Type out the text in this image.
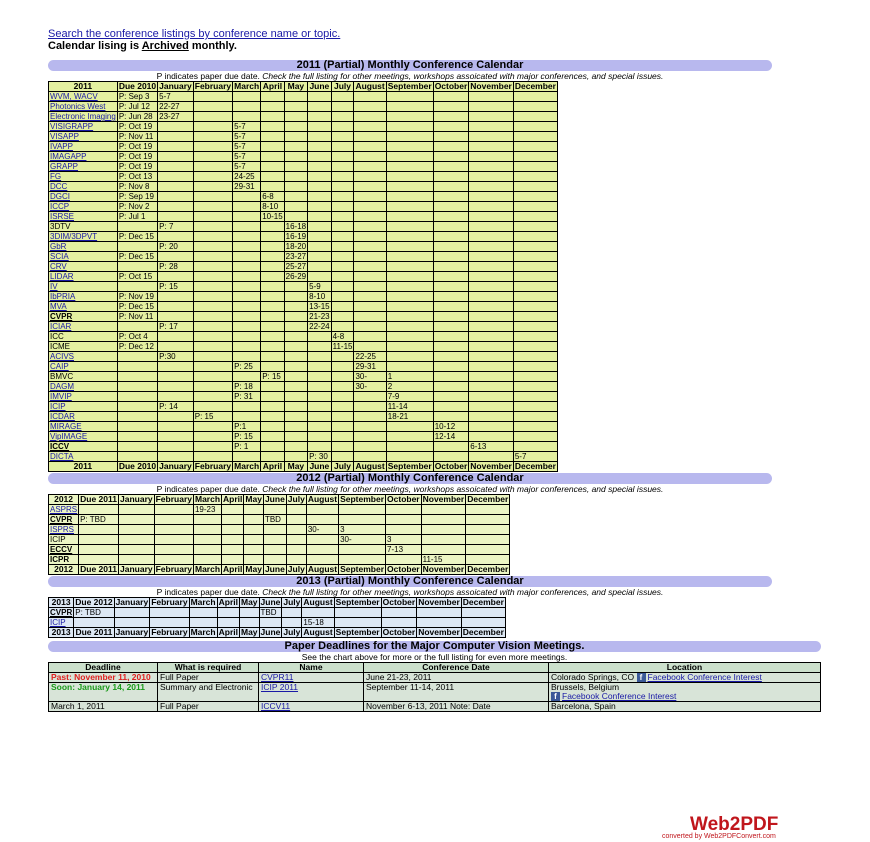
Search the conference listings by conference name or topic.
Calendar lising is Archived monthly.
2011 (Partial) Monthly Conference Calendar
P indicates paper due date. Check the full listing for other meetings, workshops assoicated with major conferences, and special issues.
2011	Due 2010	January	February	March	April	May	June	July	August	September	October	November	December
WVM, WACV	P: Sep 3	5-7											
Photonics West	P: Jul 12	22-27											
Electronic Imaging	P: Jun 28	23-27											
VISIGRAPP	P: Oct 19			5-7									
VISAPP	P: Nov 11			5-7									
IVAPP	P: Oct 19			5-7									
IMAGAPP	P: Oct 19			5-7									
GRAPP	P: Oct 19			5-7									
FG	P: Oct 13			24-25									
DCC	P: Nov 8			29-31									
DGCI	P: Sep 19				6-8								
ICCP	P: Nov 2				8-10								
ISRSE	P: Jul 1				10-15								
3DTV		P: 7				16-18							
3DIM/3DPVT	P: Dec 15					16-19							
GbR		P: 20				18-20							
SCIA	P: Dec 15					23-27							
CRV		P: 28				25-27							
LIDAR	P: Oct 15					26-29							
IV		P: 15					5-9						
IbPRIA	P: Nov 19						8-10						
MVA	P: Dec 15						13-15						
CVPR	P: Nov 11						21-23						
ICIAR		P: 17					22-24						
ICC	P: Oct 4							4-8					
ICME	P: Dec 12							11-15					
ACIVS		P:30							22-25				
CAIP				P: 25					29-31				
BMVC					P: 15				30-	1			
DAGM				P: 18					30-	2			
IMVIP				P: 31						7-9			
ICIP		P: 14								11-14			
ICDAR			P: 15							18-21			
MIRAGE				P:1							10-12		
VipIMAGE				P: 15							12-14		
ICCV				P: 1								6-13	
DICTA							P: 30						5-7
2011	Due 2010	January	February	March	April	May	June	July	August	September	October	November	December
2012 (Partial) Monthly Conference Calendar
P indicates paper due date. Check the full listing for other meetings, workshops assoicated with major conferences, and special issues.
2012	Due 2011	January	February	March	April	May	June	July	August	September	October	November	December
ASPRS				19-23									
CVPR	P: TBD						TBD						
ISPRS									30-	3			
ICIP										30-	3		
ECCV											7-13		
ICPR												11-15	
2012	Due 2011	January	February	March	April	May	June	July	August	September	October	November	December
2013 (Partial) Monthly Conference Calendar
P indicates paper due date. Check the full listing for other meetings, workshops assoicated with major conferences, and special issues.
2013	Due 2012	January	February	March	April	May	June	July	August	September	October	November	December
CVPR	P: TBD						TBD						
ICIP									15-18				
2013	Due 2011	January	February	March	April	May	June	July	August	September	October	November	December
Paper Deadlines for the Major Computer Vision Meetings.
See the chart above for more or the full listing for even more meetings.
Deadline	What is required	Name	Conference Date	Location
Past: November 11, 2010	Full Paper	CVPR11	June 21-23, 2011	Colorado Springs, CO f Facebook Conference Interest
Soon: January 14, 2011	Summary and Electronic	ICIP 2011	September 11-14, 2011	Brussels, Belgium
f Facebook Conference Interest
March 1, 2011	Full Paper	ICCV11	November 6-13, 2011 Note: Date	Barcelona, Spain
Web2PDF
converted by Web2PDFConvert.com
